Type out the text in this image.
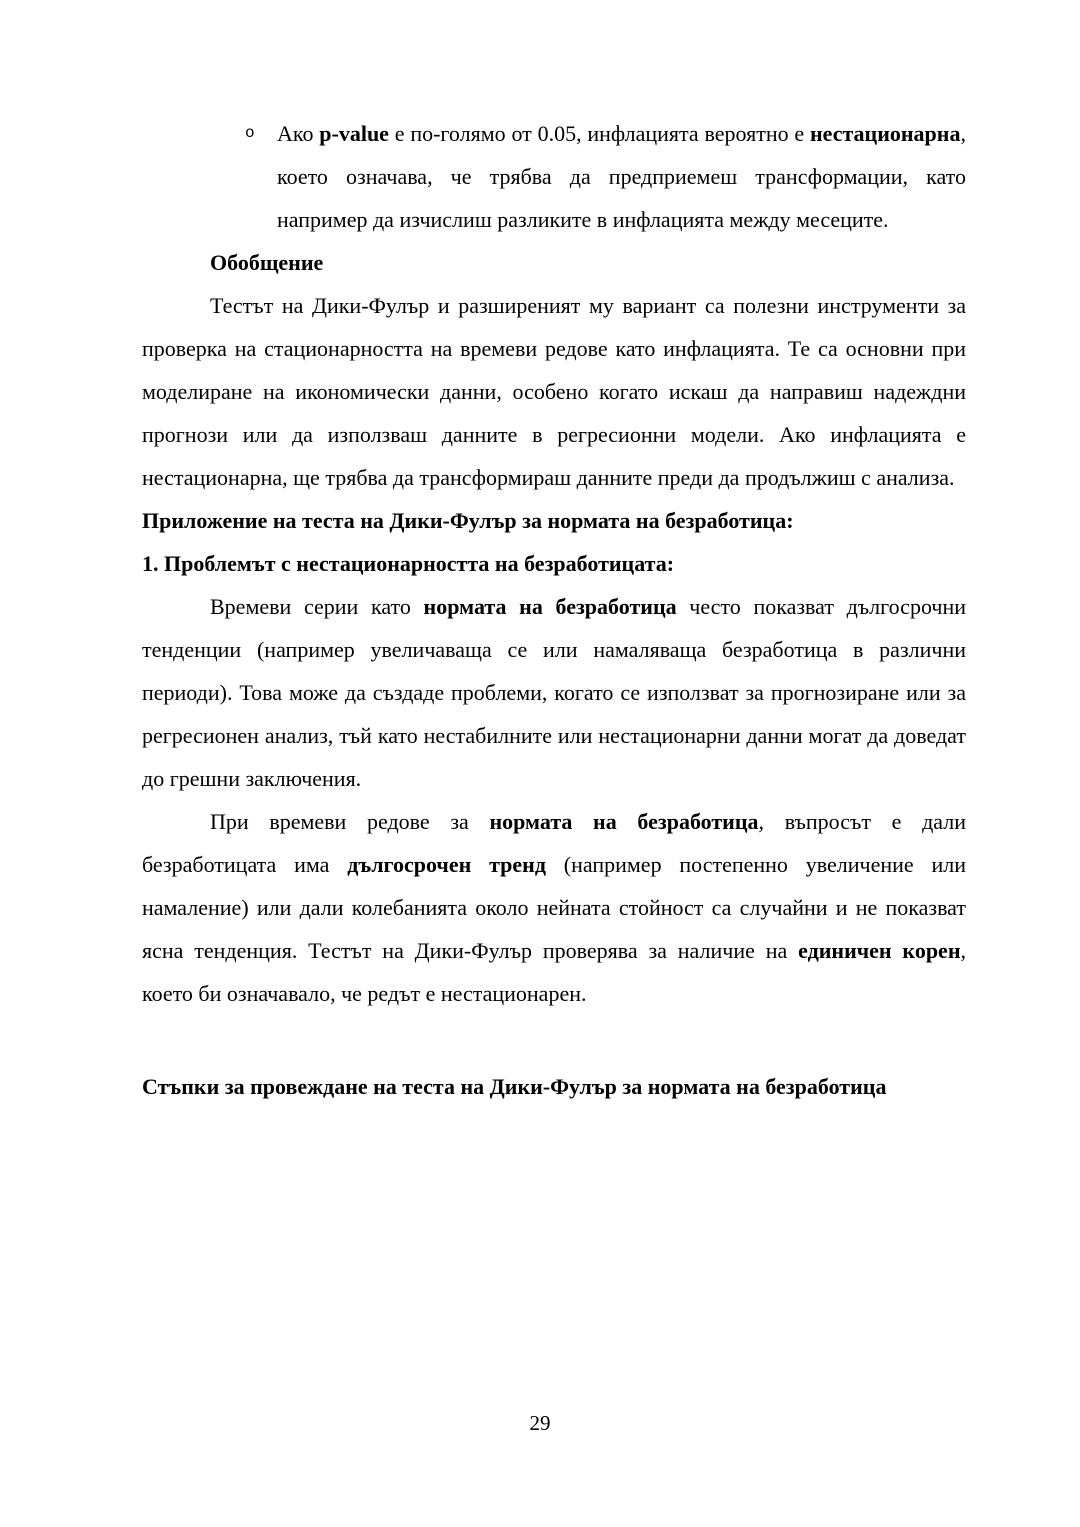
o Ако p-value е по-голямо от 0.05, инфлацията вероятно е нестационарна, което означава, че трябва да предприемеш трансформации, като например да изчислиш разликите в инфлацията между месеците.

Обобщение

Тестът на Дики-Фулър и разширеният му вариант са полезни инструменти за проверка на стационарността на времеви редове като инфлацията. Те са основни при моделиране на икономически данни, особено когато искаш да направиш надеждни прогнози или да използваш данните в регресионни модели. Ако инфлацията е нестационарна, ще трябва да трансформираш данните преди да продължиш с анализа.

Приложение на теста на Дики-Фулър за нормата на безработица:

1. Проблемът с нестационарността на безработицата:

Времеви серии като нормата на безработица често показват дългосрочни тенденции (например увеличаваща се или намаляваща безработица в различни периоди). Това може да създаде проблеми, когато се използват за прогнозиране или за регресионен анализ, тъй като нестабилните или нестационарни данни могат да доведат до грешни заключения.

При времеви редове за нормата на безработица, въпросът е дали безработицата има дългосрочен тренд (например постепенно увеличение или намаление) или дали колебанията около нейната стойност са случайни и не показват ясна тенденция. Тестът на Дики-Фулър проверява за наличие на единичен корен, което би означавало, че редът е нестационарен.

Стъпки за провеждане на теста на Дики-Фулър за нормата на безработица

29
